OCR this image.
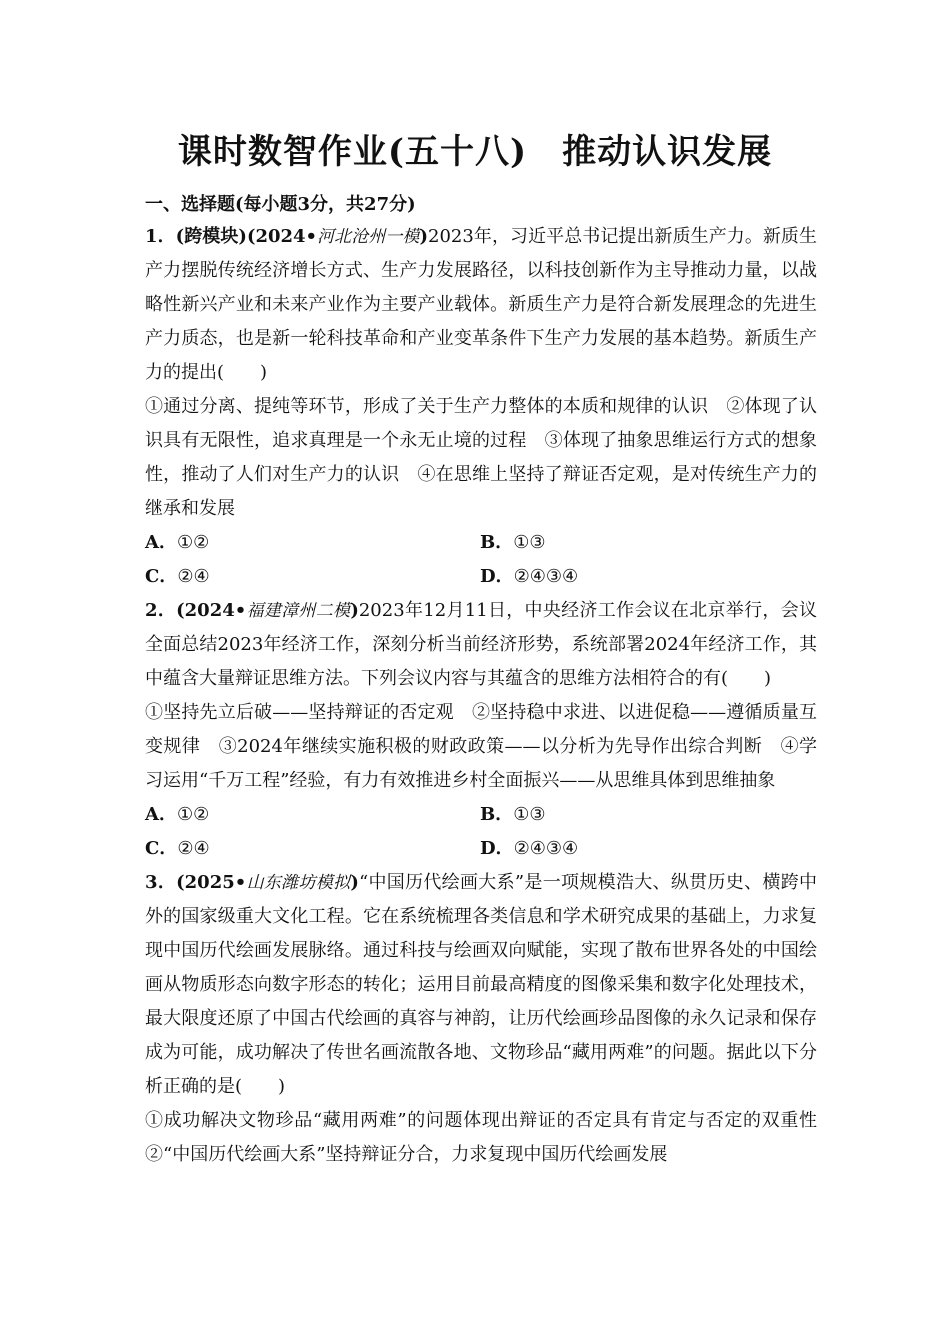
课时数智作业(五十八)　推动认识发展
一、选择题(每小题3分，共27分)

1．(跨模块)(2024•河北沧州一模)2023年，习近平总书记提出新质生产力。新质生产力摆脱传统经济增长方式、生产力发展路径，以科技创新作为主导推动力量，以战略性新兴产业和未来产业作为主要产业载体。新质生产力是符合新发展理念的先进生产力质态，也是新一轮科技革命和产业变革条件下生产力发展的基本趋势。新质生产力的提出(　　)

①通过分离、提纯等环节，形成了关于生产力整体的本质和规律的认识　②体现了认识具有无限性，追求真理是一个永无止境的过程　③体现了抽象思维运行方式的想象性，推动了人们对生产力的认识　④在思维上坚持了辩证否定观，是对传统生产力的继承和发展

A．①②	B．①③
C．②④	D．②④③④

2．(2024•福建漳州二模)2023年12月11日，中央经济工作会议在北京举行，会议全面总结2023年经济工作，深刻分析当前经济形势，系统部署2024年经济工作，其中蕴含大量辩证思维方法。下列会议内容与其蕴含的思维方法相符合的有(　　)

①坚持先立后破——坚持辩证的否定观　②坚持稳中求进、以进促稳——遵循质量互变规律　③2024年继续实施积极的财政政策——以分析为先导作出综合判断　④学习运用“千万工程”经验，有力有效推进乡村全面振兴——从思维具体到思维抽象

A．①②	B．①③
C．②④	D．②④③④

3．(2025•山东潍坊模拟)“中国历代绘画大系”是一项规模浩大、纵贯历史、横跨中外的国家级重大文化工程。它在系统梳理各类信息和学术研究成果的基础上，力求复现中国历代绘画发展脉络。通过科技与绘画双向赋能，实现了散布世界各处的中国绘画从物质形态向数字形态的转化；运用目前最高精度的图像采集和数字化处理技术，最大限度还原了中国古代绘画的真容与神韵，让历代绘画珍品图像的永久记录和保存成为可能，成功解决了传世名画流散各地、文物珍品“藏用两难”的问题。据此以下分析正确的是(　　)

①成功解决文物珍品“藏用两难”的问题体现出辩证的否定具有肯定与否定的双重性　②“中国历代绘画大系”坚持辩证分合，力求复现中国历代绘画发展
